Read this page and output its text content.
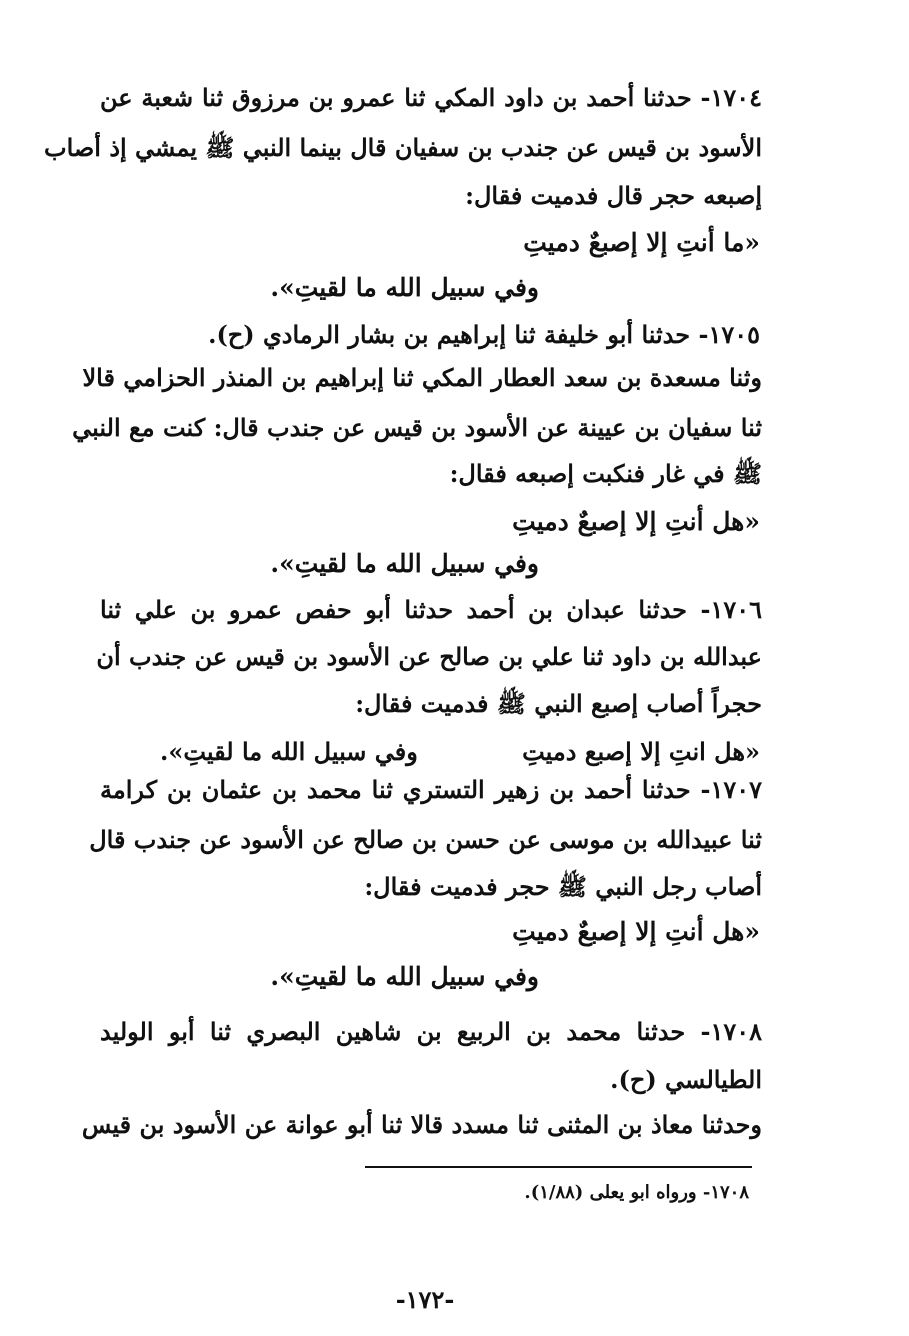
١٧٠٤- حدثنا أحمد بن داود المكي ثنا عمرو بن مرزوق ثنا شعبة عن
الأسود بن قيس عن جندب بن سفيان قال بينما النبي ﷺ يمشي إذ أصاب
إصبعه حجر قال فدميت فقال:
«ما أنتِ إلا إصبعٌ دميتِ
وفي سبيل الله ما لقيتِ».
١٧٠٥- حدثنا أبو خليفة ثنا إبراهيم بن بشار الرمادي (ح).
وثنا مسعدة بن سعد العطار المكي ثنا إبراهيم بن المنذر الحزامي قالا
ثنا سفيان بن عيينة عن الأسود بن قيس عن جندب قال: كنت مع النبي
ﷺ في غار فنكبت إصبعه فقال:
«هل أنتِ إلا إصبعٌ دميتِ
وفي سبيل الله ما لقيتِ».
١٧٠٦- حدثنا عبدان بن أحمد حدثنا أبو حفص عمرو بن علي ثنا
عبدالله بن داود ثنا علي بن صالح عن الأسود بن قيس عن جندب أن
حجراً أصاب إصبع النبي ﷺ فدميت فقال:
«هل انتِ إلا إصبع دميتِ
وفي سبيل الله ما لقيتِ».
١٧٠٧- حدثنا أحمد بن زهير التستري ثنا محمد بن عثمان بن كرامة
ثنا عبيدالله بن موسى عن حسن بن صالح عن الأسود عن جندب قال
أصاب رجل النبي ﷺ حجر فدميت فقال:
«هل أنتِ إلا إصبعٌ دميتِ
وفي سبيل الله ما لقيتِ».
١٧٠٨- حدثنا محمد بن الربيع بن شاهين البصري ثنا أبو الوليد
الطيالسي (ح).
وحدثنا معاذ بن المثنى ثنا مسدد قالا ثنا أبو عوانة عن الأسود بن قيس
١٧٠٨- ورواه ابو يعلى (١/٨٨).
-١٧٢-
